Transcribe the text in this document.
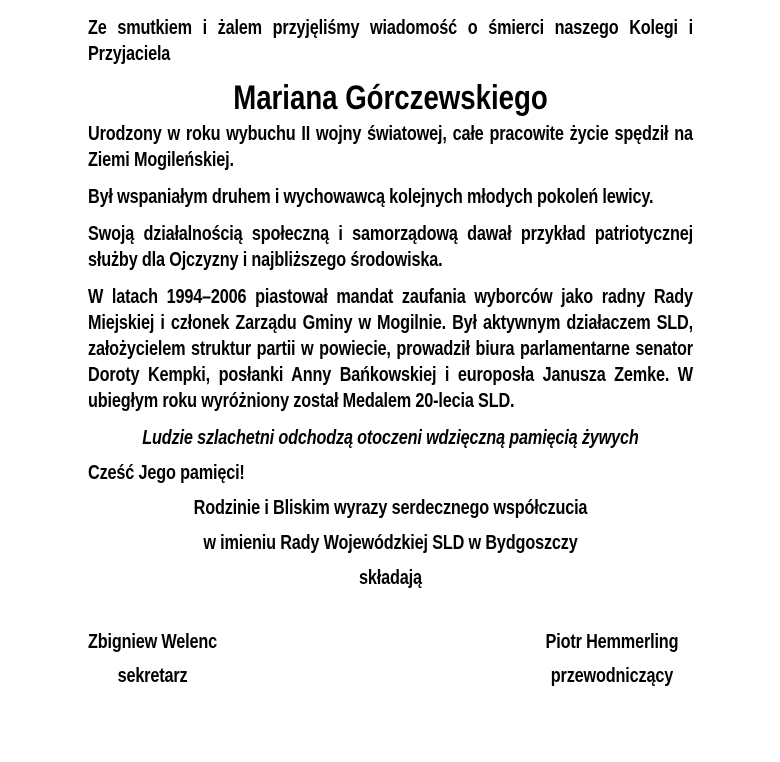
Ze smutkiem i żalem przyjęliśmy wiadomość o śmierci naszego Kolegi i Przyjaciela

Mariana Górczewskiego

Urodzony w roku wybuchu II wojny światowej, całe pracowite życie spędził na Ziemi Mogileńskiej.

Był wspaniałym druhem i wychowawcą kolejnych młodych pokoleń lewicy.

Swoją działalnością społeczną i samorządową dawał przykład patriotycznej służby dla Ojczyzny i najbliższego środowiska.

W latach 1994–2006 piastował mandat zaufania wyborców jako radny Rady Miejskiej i członek Zarządu Gminy w Mogilnie. Był aktywnym działaczem SLD, założycielem struktur partii w powiecie, prowadził biura parlamentarne senator Doroty Kempki, posłanki Anny Bańkowskiej i europosła Janusza Zemke. W ubiegłym roku wyróżniony został Medalem 20-lecia SLD.

Ludzie szlachetni odchodzą otoczeni wdzięczną pamięcią żywych

Cześć Jego pamięci!

Rodzinie i Bliskim wyrazy serdecznego współczucia

w imieniu Rady Wojewódzkiej SLD w Bydgoszczy

składają

Zbigniew Welenc

sekretarz

Piotr Hemmerling

przewodniczący
